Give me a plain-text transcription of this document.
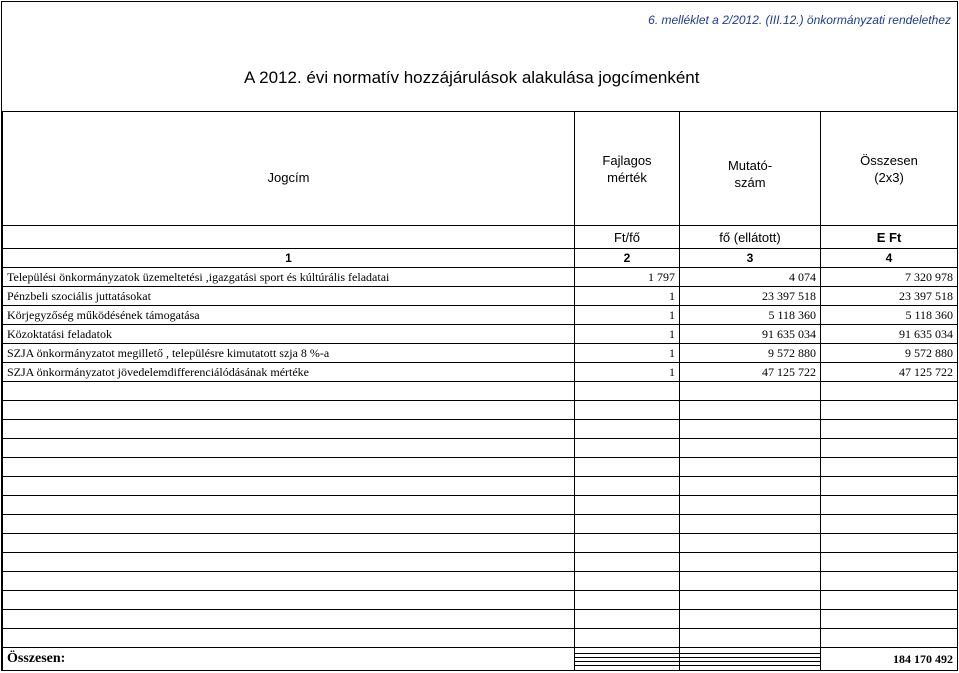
6. melléklet a 2/2012. (III.12.) önkormányzati rendelethez
A 2012. évi normatív hozzájárulások alakulása jogcímenként
Jogcím	Fajlagos mérték	Mutató- szám	Összesen (2x3)
	Ft/fő	fő (ellátott)	E Ft
1	2	3	4
Települési önkormányzatok üzemeltetési ,igazgatási sport és kúltúrális feladatai	1 797	4 074	7 320 978
Pénzbeli szociális juttatásokat	1	23 397 518	23 397 518
Körjegyzőség működésének támogatása	1	5 118 360	5 118 360
Közoktatási feladatok	1	91 635 034	91 635 034
SZJA önkormányzatot megillető , településre kimutatott szja 8 %-a	1	9 572 880	9 572 880
SZJA önkormányzatot jövedelemdifferenciálódásának mértéke	1	47 125 722	47 125 722

Összesen:			184 170 492
